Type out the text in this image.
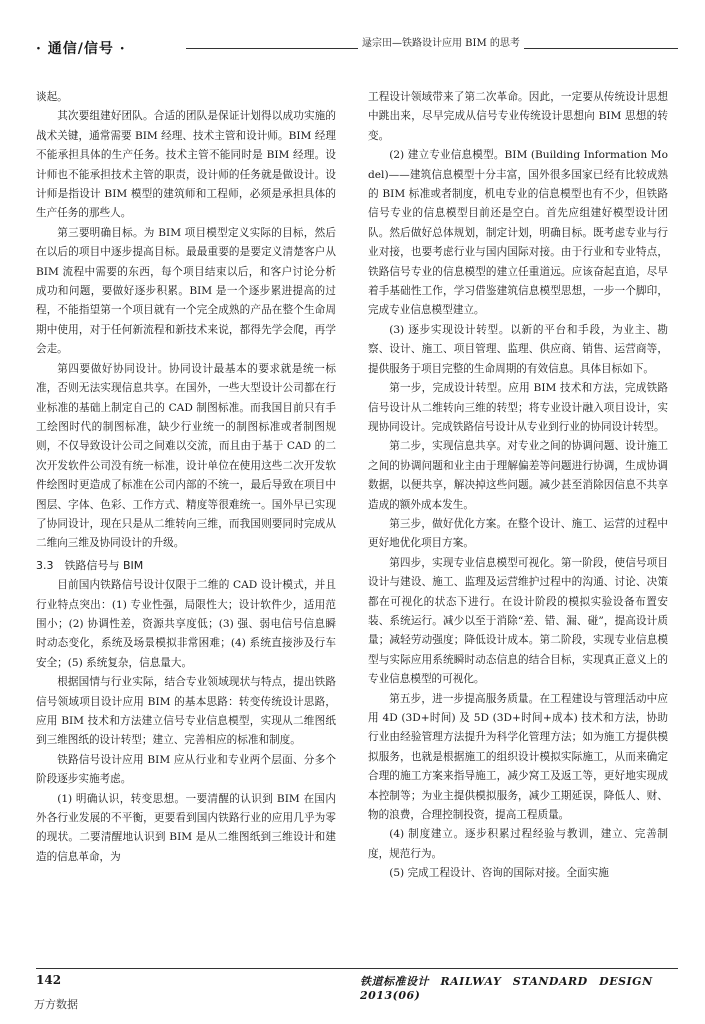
· 通信/信号 ·	逯宗田—铁路设计应用 BIM 的思考

谈起。

其次要组建好团队。合适的团队是保证计划得以成功实施的战术关键，通常需要 BIM 经理、技术主管和设计师。BIM 经理不能承担具体的生产任务。技术主管不能同时是 BIM 经理。设计师也不能承担技术主管的职责，设计师的任务就是做设计。设计师是指设计 BIM 模型的建筑师和工程师，必须是承担具体的生产任务的那些人。

第三要明确目标。为 BIM 项目模型定义实际的目标，然后在以后的项目中逐步提高目标。最最重要的是要定义清楚客户从 BIM 流程中需要的东西，每个项目结束以后，和客户讨论分析成功和问题，要做好逐步积累。BIM 是一个逐步累进提高的过程，不能指望第一个项目就有一个完全成熟的产品在整个生命周期中使用，对于任何新流程和新技术来说，都得先学会爬，再学会走。

第四要做好协同设计。协同设计最基本的要求就是统一标准，否则无法实现信息共享。在国外，一些大型设计公司都在行业标准的基础上制定自己的 CAD 制图标准。而我国目前只有手工绘图时代的制图标准，缺少行业统一的制图标准或者制图规则，不仅导致设计公司之间难以交流，而且由于基于 CAD 的二次开发软件公司没有统一标准，设计单位在使用这些二次开发软件绘图时更造成了标准在公司内部的不统一，最后导致在项目中图层、字体、色彩、工作方式、精度等很难统一。国外早已实现了协同设计，现在只是从二维转向三维，而我国则要同时完成从二维向三维及协同设计的升级。

3.3　铁路信号与 BIM

目前国内铁路信号设计仅限于二维的 CAD 设计模式，并且行业特点突出：(1) 专业性强，局限性大；设计软件少，适用范围小；(2) 协调性差，资源共享度低；(3) 强、弱电信号信息瞬时动态变化，系统及场景模拟非常困难；(4) 系统直接涉及行车安全；(5) 系统复杂，信息量大。

根据国情与行业实际，结合专业领域现状与特点，提出铁路信号领域项目设计应用 BIM 的基本思路：转变传统设计思路，应用 BIM 技术和方法建立信号专业信息模型，实现从二维图纸到三维图纸的设计转型；建立、完善相应的标准和制度。

铁路信号设计应用 BIM 应从行业和专业两个层面、分多个阶段逐步实施考虑。

(1) 明确认识，转变思想。一要清醒的认识到 BIM 在国内外各行业发展的不平衡，更要看到国内铁路行业的应用几乎为零的现状。二要清醒地认识到 BIM 是从二维图纸到三维设计和建造的信息革命，为

工程设计领域带来了第二次革命。因此，一定要从传统设计思想中跳出来，尽早完成从信号专业传统设计思想向 BIM 思想的转变。

(2) 建立专业信息模型。BIM (Building Information Model)——建筑信息模型十分丰富，国外很多国家已经有比较成熟的 BIM 标准或者制度，机电专业的信息模型也有不少，但铁路信号专业的信息模型目前还是空白。首先应组建好模型设计团队。然后做好总体规划，制定计划，明确目标。既考虑专业与行业对接，也要考虑行业与国内国际对接。由于行业和专业特点，铁路信号专业的信息模型的建立任重道远。应该奋起直追，尽早着手基础性工作，学习借鉴建筑信息模型思想，一步一个脚印，完成专业信息模型建立。

(3) 逐步实现设计转型。以新的平台和手段，为业主、勘察、设计、施工、项目管理、监理、供应商、销售、运营商等，提供服务于项目完整的生命周期的有效信息。具体目标如下。

第一步，完成设计转型。应用 BIM 技术和方法，完成铁路信号设计从二维转向三维的转型；将专业设计融入项目设计，实现协同设计。完成铁路信号设计从专业到行业的协同设计转型。

第二步，实现信息共享。对专业之间的协调问题、设计施工之间的协调问题和业主由于理解偏差等问题进行协调，生成协调数据，以便共享，解决掉这些问题。减少甚至消除因信息不共享造成的额外成本发生。

第三步，做好优化方案。在整个设计、施工、运营的过程中更好地优化项目方案。

第四步，实现专业信息模型可视化。第一阶段，使信号项目设计与建设、施工、监理及运营维护过程中的沟通、讨论、决策都在可视化的状态下进行。在设计阶段的模拟实验设备布置安装、系统运行。减少以至于消除“差、错、漏、碰”，提高设计质量；减轻劳动强度；降低设计成本。第二阶段，实现专业信息模型与实际应用系统瞬时动态信息的结合目标，实现真正意义上的专业信息模型的可视化。

第五步，进一步提高服务质量。在工程建设与管理活动中应用 4D (3D+时间) 及 5D (3D+时间+成本) 技术和方法，协助行业由经验管理方法提升为科学化管理方法；如为施工方提供模拟服务，也就是根据施工的组织设计模拟实际施工，从而来确定合理的施工方案来指导施工，减少窝工及返工等，更好地实现成本控制等；为业主提供模拟服务，减少工期延误，降低人、财、物的浪费，合理控制投资，提高工程质量。

(4) 制度建立。逐步积累过程经验与教训，建立、完善制度，规范行为。

(5) 完成工程设计、咨询的国际对接。全面实施

142	铁道标准设计　RAILWAY　STANDARD　DESIGN　2013(06)
万方数据
